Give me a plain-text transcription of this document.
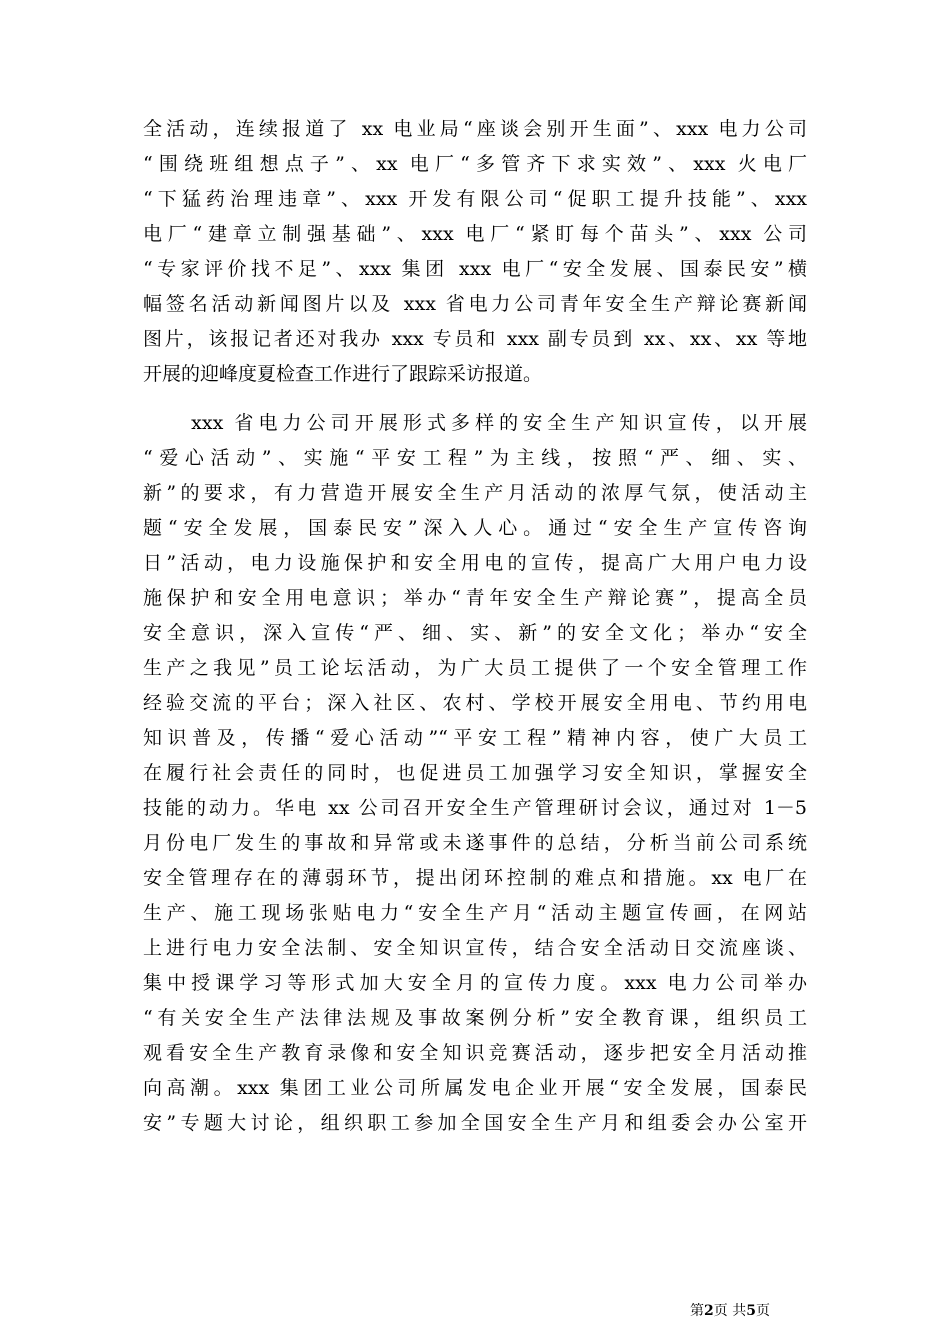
全活动，连续报道了 xx 电业局“座谈会别开生面”、xxx 电力公司
“围绕班组想点子”、xx 电厂“多管齐下求实效”、xxx 火电厂
“下猛药治理违章”、xxx 开发有限公司“促职工提升技能”、xxx
电厂“建章立制强基础”、xxx 电厂“紧盯每个苗头”、xxx 公司
“专家评价找不足”、xxx 集团 xxx 电厂“安全发展、国泰民安”横
幅签名活动新闻图片以及 xxx 省电力公司青年安全生产辩论赛新闻
图片，该报记者还对我办 xxx 专员和 xxx 副专员到 xx、xx、xx 等地
开展的迎峰度夏检查工作进行了跟踪采访报道。
　　xxx 省电力公司开展形式多样的安全生产知识宣传，以开展
“爱心活动”、实施“平安工程”为主线，按照“严、细、实、
新”的要求，有力营造开展安全生产月活动的浓厚气氛，使活动主
题“安全发展，国泰民安”深入人心。通过“安全生产宣传咨询
日”活动，电力设施保护和安全用电的宣传，提高广大用户电力设
施保护和安全用电意识；举办“青年安全生产辩论赛”，提高全员
安全意识，深入宣传“严、细、实、新”的安全文化；举办“安全
生产之我见”员工论坛活动，为广大员工提供了一个安全管理工作
经验交流的平台；深入社区、农村、学校开展安全用电、节约用电
知识普及，传播“爱心活动”“平安工程”精神内容，使广大员工
在履行社会责任的同时，也促进员工加强学习安全知识，掌握安全
技能的动力。华电 xx 公司召开安全生产管理研讨会议，通过对 1－5
月份电厂发生的事故和异常或未遂事件的总结，分析当前公司系统
安全管理存在的薄弱环节，提出闭环控制的难点和措施。xx 电厂在
生产、施工现场张贴电力“安全生产月“活动主题宣传画，在网站
上进行电力安全法制、安全知识宣传，结合安全活动日交流座谈、
集中授课学习等形式加大安全月的宣传力度。xxx 电力公司举办
“有关安全生产法律法规及事故案例分析”安全教育课，组织员工
观看安全生产教育录像和安全知识竞赛活动，逐步把安全月活动推
向高潮。xxx 集团工业公司所属发电企业开展“安全发展，国泰民
安”专题大讨论，组织职工参加全国安全生产月和组委会办公室开
第2页 共5页
